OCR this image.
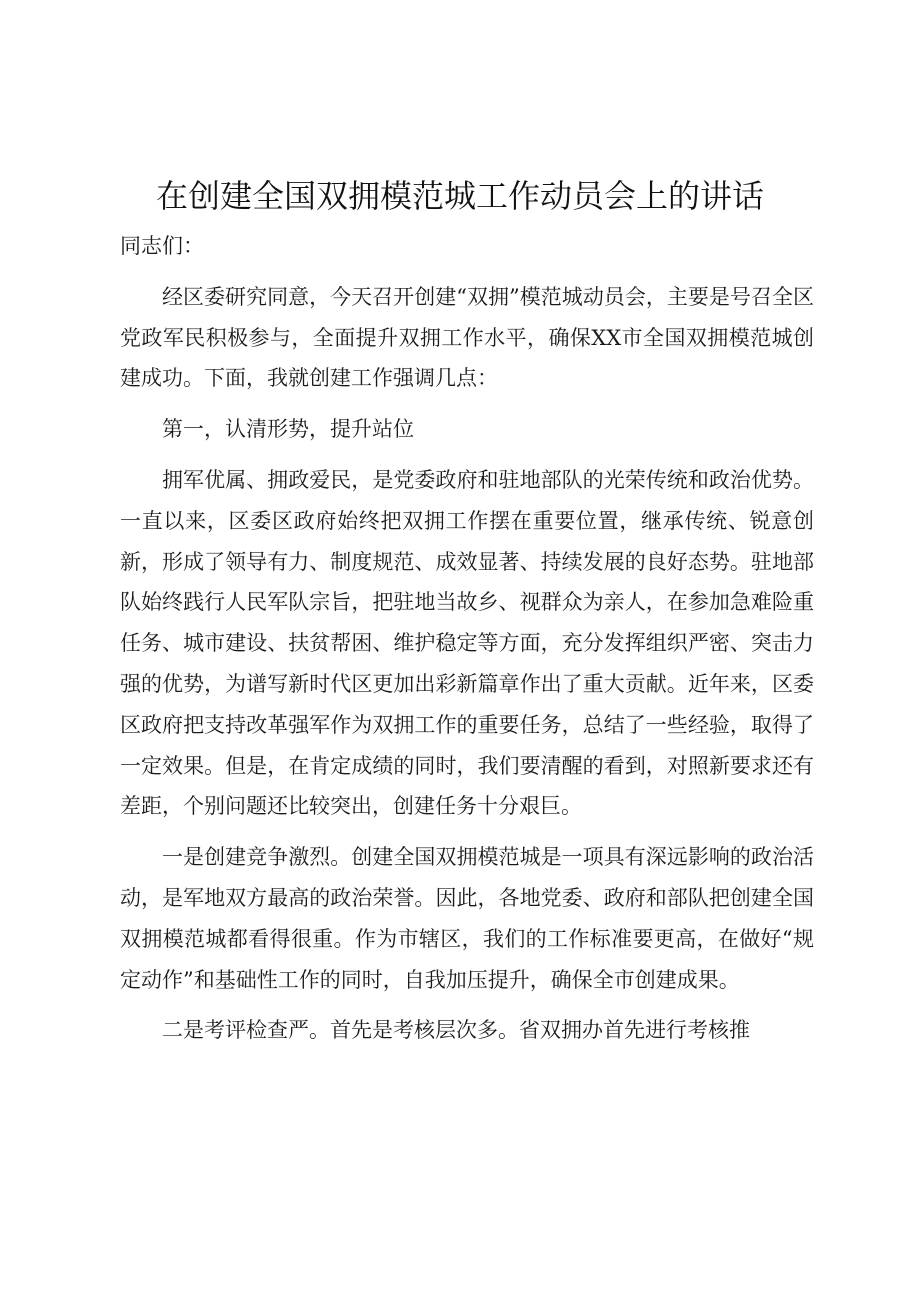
在创建全国双拥模范城工作动员会上的讲话

同志们：

经区委研究同意，今天召开创建“双拥”模范城动员会，主要是号召全区党政军民积极参与，全面提升双拥工作水平，确保XX市全国双拥模范城创建成功。下面，我就创建工作强调几点：

第一，认清形势，提升站位

拥军优属、拥政爱民，是党委政府和驻地部队的光荣传统和政治优势。一直以来，区委区政府始终把双拥工作摆在重要位置，继承传统、锐意创新，形成了领导有力、制度规范、成效显著、持续发展的良好态势。驻地部队始终践行人民军队宗旨，把驻地当故乡、视群众为亲人，在参加急难险重任务、城市建设、扶贫帮困、维护稳定等方面，充分发挥组织严密、突击力强的优势，为谱写新时代区更加出彩新篇章作出了重大贡献。近年来，区委区政府把支持改革强军作为双拥工作的重要任务，总结了一些经验，取得了一定效果。但是，在肯定成绩的同时，我们要清醒的看到，对照新要求还有差距，个别问题还比较突出，创建任务十分艰巨。

一是创建竞争激烈。创建全国双拥模范城是一项具有深远影响的政治活动，是军地双方最高的政治荣誉。因此，各地党委、政府和部队把创建全国双拥模范城都看得很重。作为市辖区，我们的工作标准要更高，在做好“规定动作”和基础性工作的同时，自我加压提升，确保全市创建成果。

二是考评检查严。首先是考核层次多。省双拥办首先进行考核推
